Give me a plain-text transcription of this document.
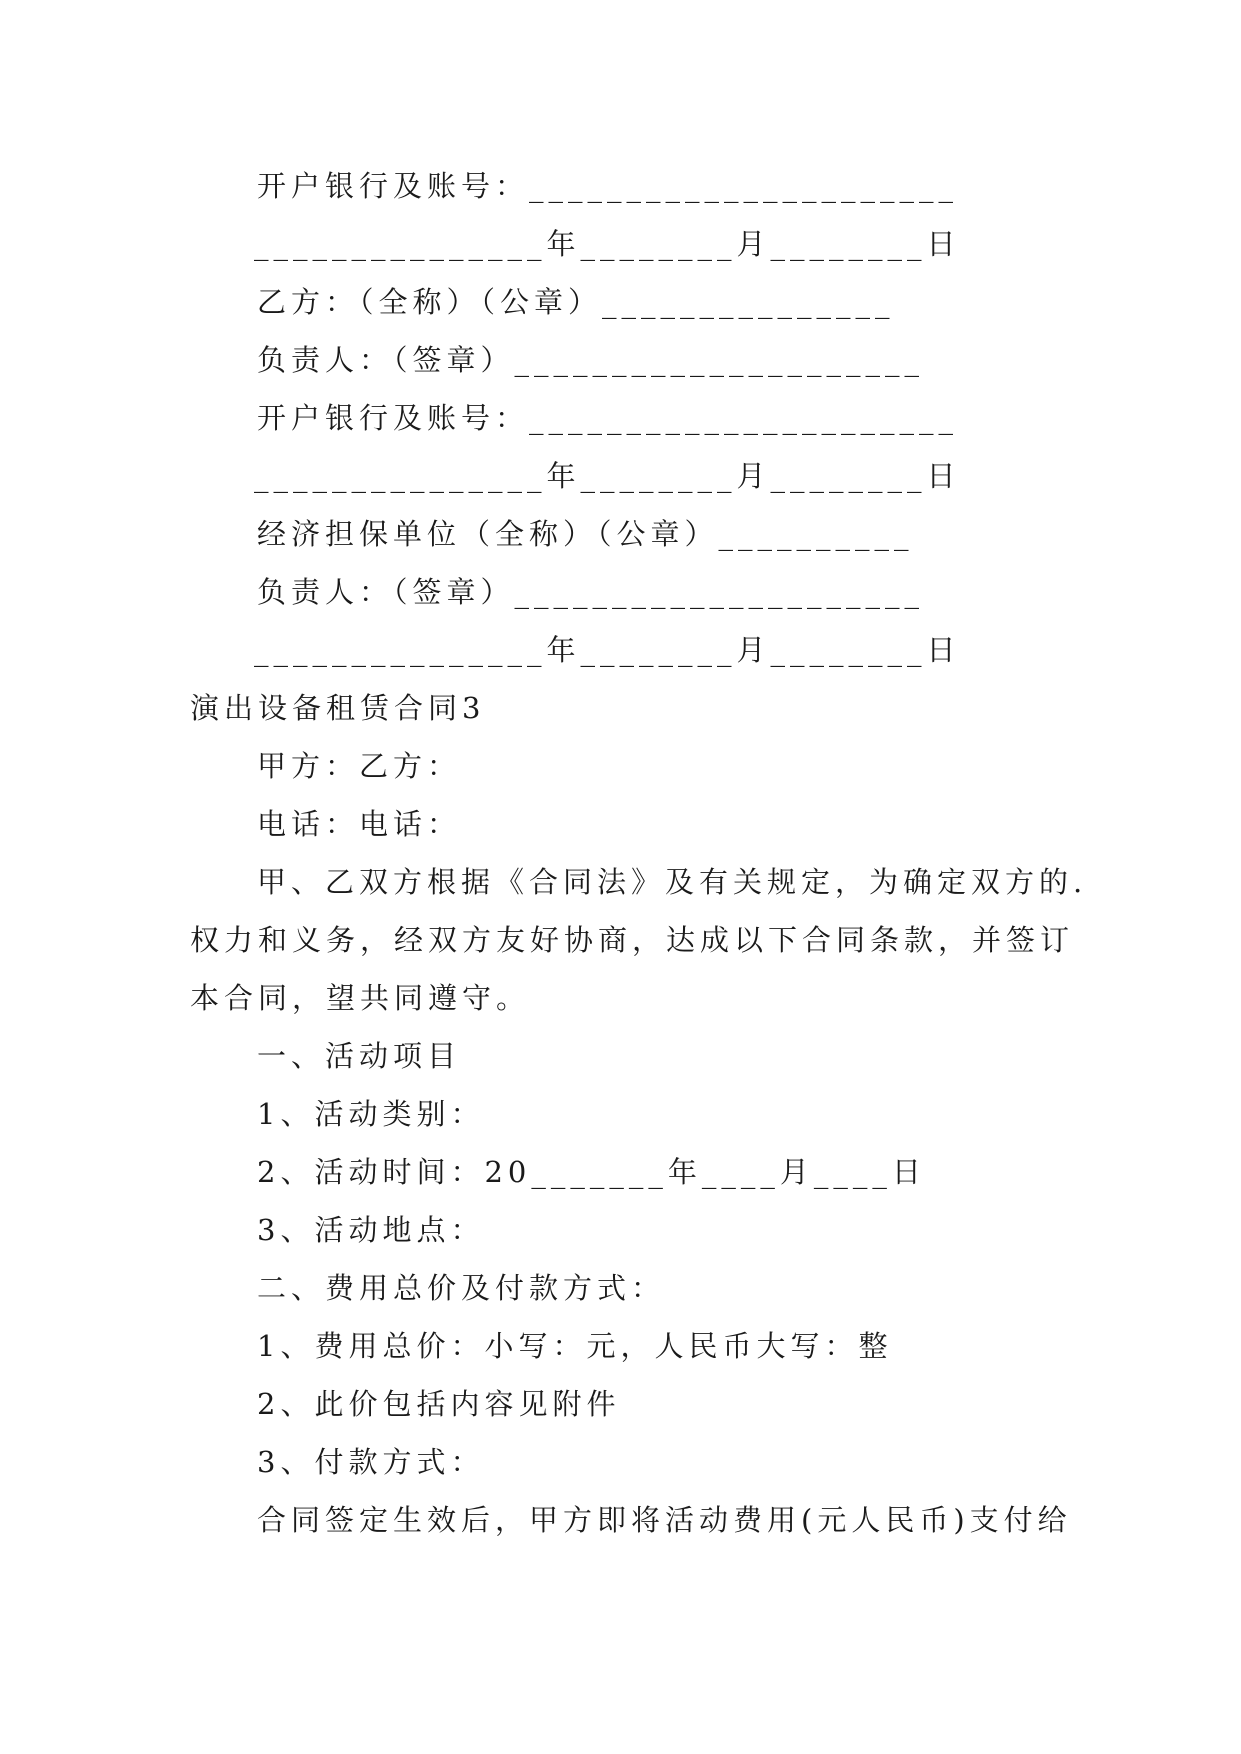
开户银行及账号：______________________
_______________年________月________日
乙方：（全称）（公章）_______________
负责人：（签章）_____________________
开户银行及账号：______________________
_______________年________月________日
经济担保单位（全称）（公章）__________
负责人：（签章）_____________________
_______________年________月________日
演出设备租赁合同3
甲方：乙方：
电话：电话：
甲、乙双方根据《合同法》及有关规定，为确定双方的.
权力和义务，经双方友好协商，达成以下合同条款，并签订
本合同，望共同遵守。
一、活动项目
1、活动类别：
2、活动时间：20_______年____月____日
3、活动地点：
二、费用总价及付款方式：
1、费用总价：小写：元，人民币大写：整
2、此价包括内容见附件
3、付款方式：
合同签定生效后，甲方即将活动费用(元人民币)支付给
